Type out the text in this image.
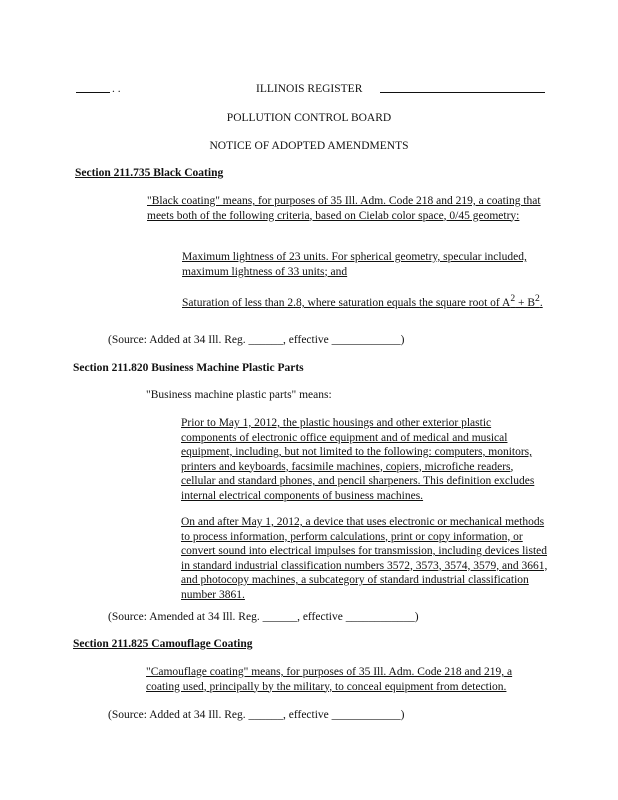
. .	ILLINOIS REGISTER
POLLUTION CONTROL BOARD
NOTICE OF ADOPTED AMENDMENTS
Section 211.735 Black Coating
"Black coating" means, for purposes of 35 Ill. Adm. Code 218 and 219, a coating that meets both of the following criteria, based on Cielab color space, 0/45 geometry:
Maximum lightness of 23 units. For spherical geometry, specular included, maximum lightness of 33 units; and
Saturation of less than 2.8, where saturation equals the square root of $A^2 + B^2$.
(Source: Added at 34 Ill. Reg. ______, effective ____________)
Section 211.820 Business Machine Plastic Parts
"Business machine plastic parts" means:
Prior to May 1, 2012, the plastic housings and other exterior plastic components of electronic office equipment and of medical and musical equipment, including, but not limited to the following: computers, monitors, printers and keyboards, facsimile machines, copiers, microfiche readers, cellular and standard phones, and pencil sharpeners. This definition excludes internal electrical components of business machines.
On and after May 1, 2012, a device that uses electronic or mechanical methods to process information, perform calculations, print or copy information, or convert sound into electrical impulses for transmission, including devices listed in standard industrial classification numbers 3572, 3573, 3574, 3579, and 3661, and photocopy machines, a subcategory of standard industrial classification number 3861.
(Source: Amended at 34 Ill. Reg. ______, effective ____________)
Section 211.825 Camouflage Coating
"Camouflage coating" means, for purposes of 35 Ill. Adm. Code 218 and 219, a coating used, principally by the military, to conceal equipment from detection.
(Source: Added at 34 Ill. Reg. ______, effective ____________)
